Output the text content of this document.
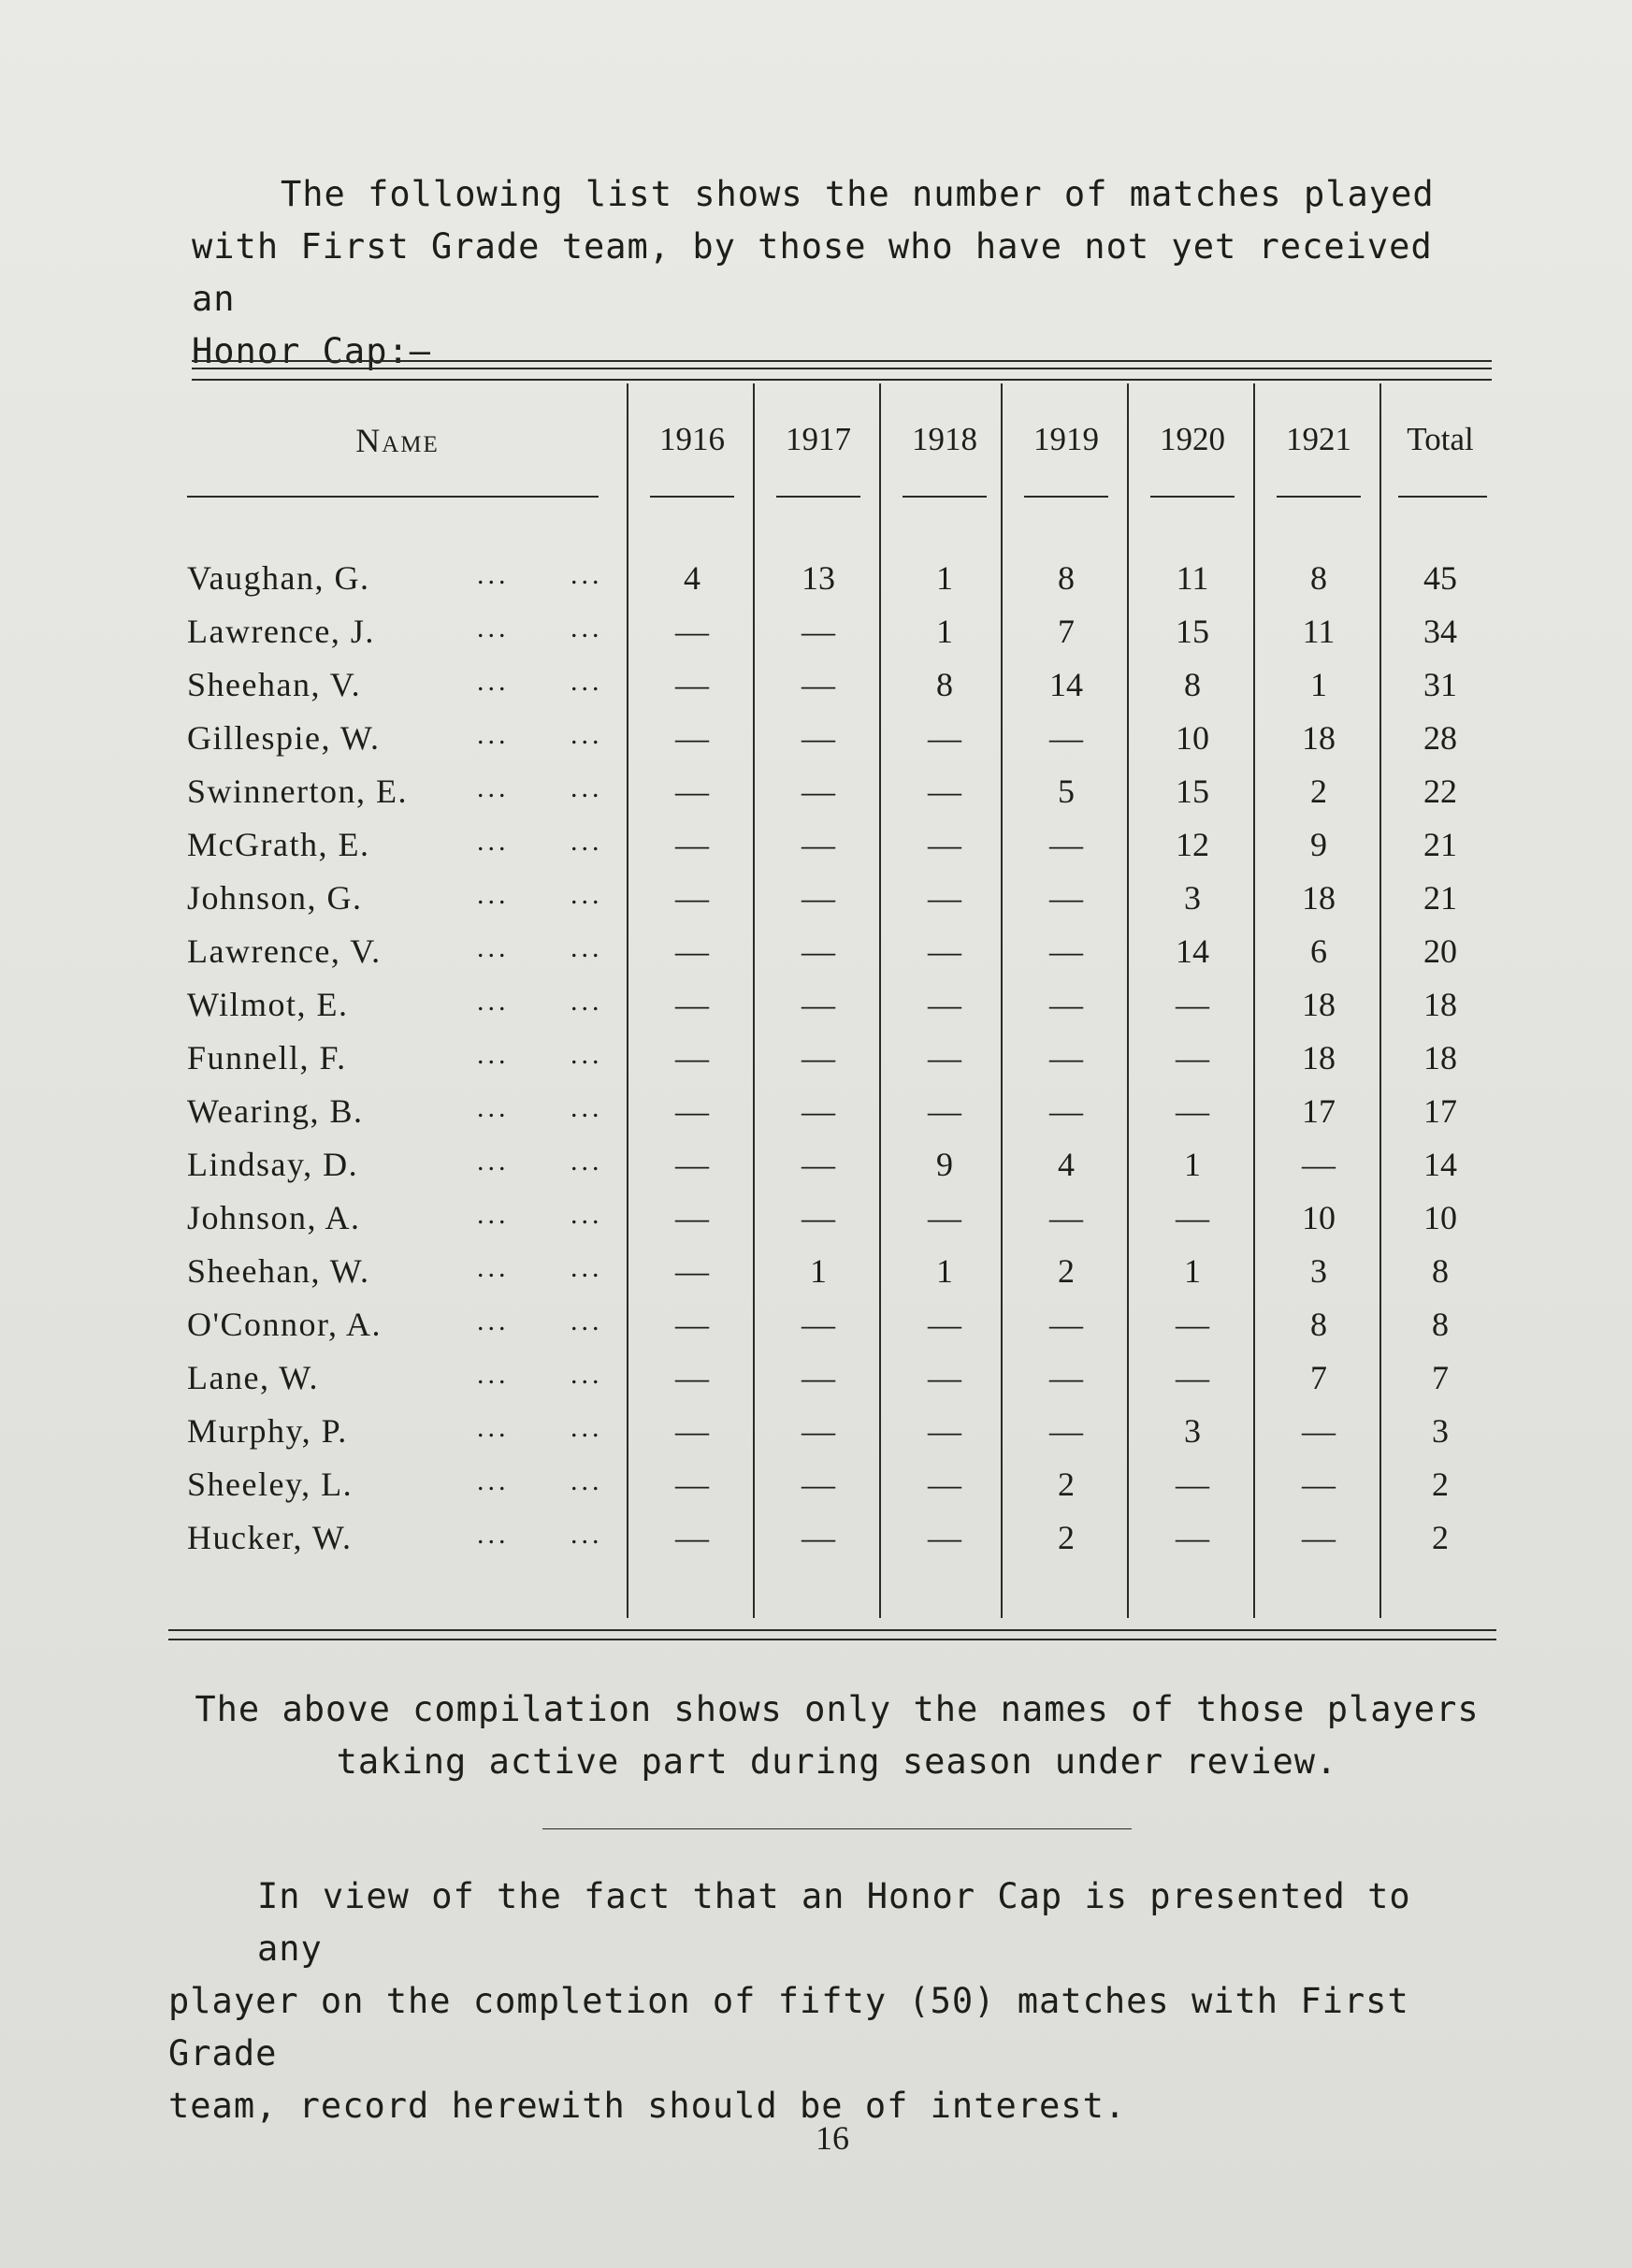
The following list shows the number of matches played
with First Grade team, by those who have not yet received an
Honor Cap:—
Name	1916	1917	1918	1919	1920	1921	Total
Vaughan, G.	... ...	4	13	1	8	11	8	45
Lawrence, J.	... ...	—	—	1	7	15	11	34
Sheehan, V.	... ...	—	—	8	14	8	1	31
Gillespie, W.	... ...	—	—	—	—	10	18	28
Swinnerton, E.	... ...	—	—	—	5	15	2	22
McGrath, E.	... ...	—	—	—	—	12	9	21
Johnson, G.	... ...	—	—	—	—	3	18	21
Lawrence, V.	... ...	—	—	—	—	14	6	20
Wilmot, E.	... ...	—	—	—	—	—	18	18
Funnell, F.	... ...	—	—	—	—	—	18	18
Wearing, B.	... ...	—	—	—	—	—	17	17
Lindsay, D.	... ...	—	—	9	4	1	—	14
Johnson, A.	... ...	—	—	—	—	—	10	10
Sheehan, W.	... ...	—	1	1	2	1	3	8
O'Connor, A.	... ...	—	—	—	—	—	8	8
Lane, W.	... ...	—	—	—	—	—	7	7
Murphy, P.	... ...	—	—	—	—	3	—	3
Sheeley, L.	... ...	—	—	—	2	—	—	2
Hucker, W.	... ...	—	—	—	2	—	—	2
The above compilation shows only the names of those players
taking active part during season under review.
In view of the fact that an Honor Cap is presented to any
player on the completion of fifty (50) matches with First Grade
team, record herewith should be of interest.
16
